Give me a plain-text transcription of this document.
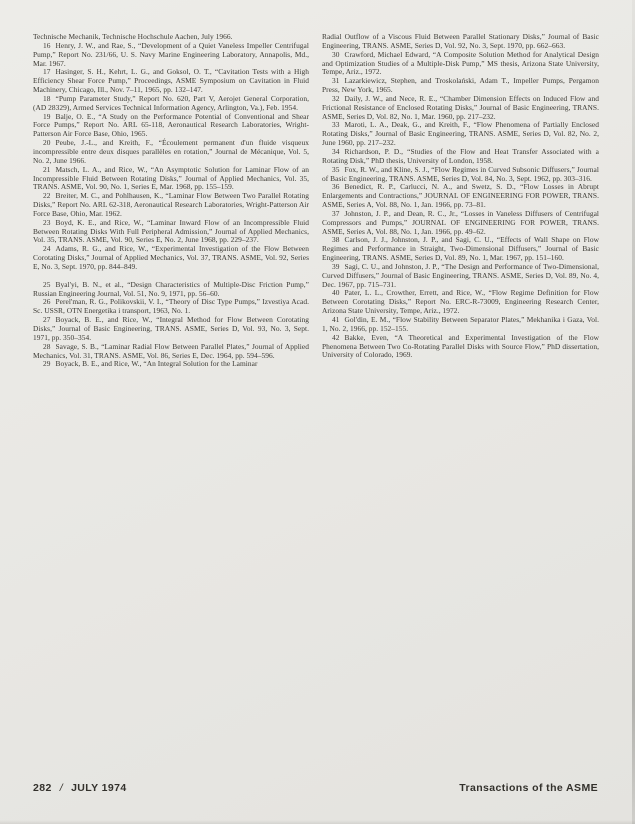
Technische Mechanik, Technische Hochschule Aachen, July 1966.

16 Henry, J. W., and Rae, S., “Development of a Quiet Vaneless Impeller Centrifugal Pump,” Report No. 231/66, U. S. Navy Marine Engineering Laboratory, Annapolis, Md., Mar. 1967.

17 Hasinger, S. H., Kehrt, L. G., and Goksol, O. T., “Cavitation Tests with a High Efficiency Shear Force Pump,” Proceedings, ASME Symposium on Cavitation in Fluid Machinery, Chicago, Ill., Nov. 7–11, 1965, pp. 132–147.

18 “Pump Parameter Study,” Report No. 620, Part V, Aerojet General Corporation, (AD 28329), Armed Services Technical Information Agency, Arlington, Va.), Feb. 1954.

19 Balje, O. E., “A Study on the Performance Potential of Conventional and Shear Force Pumps,” Report No. ARL 65-118, Aeronautical Research Laboratories, Wright-Patterson Air Force Base, Ohio, 1965.

20 Peube, J.-L., and Kreith, F., “Écoulement permanent d'un fluide visqueux incompressible entre deux disques parallèles en rotation,” Journal de Mécanique, Vol. 5, No. 2, June 1966.

21 Matsch, L. A., and Rice, W., “An Asymptotic Solution for Laminar Flow of an Incompressible Fluid Between Rotating Disks,” Journal of Applied Mechanics, Vol. 35, TRANS. ASME, Vol. 90, No. 1, Series E, Mar. 1968, pp. 155–159.

22 Breiter, M. C., and Pohlhausen, K., “Laminar Flow Between Two Parallel Rotating Disks,” Report No. ARL 62-318, Aeronautical Research Laboratories, Wright-Patterson Air Force Base, Ohio, Mar. 1962.

23 Boyd, K. E., and Rice, W., “Laminar Inward Flow of an Incompressible Fluid Between Rotating Disks With Full Peripheral Admission,” Journal of Applied Mechanics, Vol. 35, TRANS. ASME, Vol. 90, Series E, No. 2, June 1968, pp. 229–237.

24 Adams, R. G., and Rice, W., “Experimental Investigation of the Flow Between Corotating Disks,” Journal of Applied Mechanics, Vol. 37, TRANS. ASME, Vol. 92, Series E, No. 3, Sept. 1970, pp. 844–849.

25 Byal'yi, B. N., et al., “Design Characteristics of Multiple-Disc Friction Pump,” Russian Engineering Journal, Vol. 51, No. 9, 1971, pp. 56–60.

26 Perel'man, R. G., Polikovskii, V. I., “Theory of Disc Type Pumps,” Izvestiya Acad. Sc. USSR, OTN Energetika i transport, 1963, No. 1.

27 Boyack, B. E., and Rice, W., “Integral Method for Flow Between Corotating Disks,” Journal of Basic Engineering, TRANS. ASME, Series D, Vol. 93, No. 3, Sept. 1971, pp. 350–354.

28 Savage, S. B., “Laminar Radial Flow Between Parallel Plates,” Journal of Applied Mechanics, Vol. 31, TRANS. ASME, Vol. 86, Series E, Dec. 1964, pp. 594–596.

29 Boyack, B. E., and Rice, W., “An Integral Solution for the Laminar

Radial Outflow of a Viscous Fluid Between Parallel Stationary Disks,” Journal of Basic Engineering, TRANS. ASME, Series D, Vol. 92, No. 3, Sept. 1970, pp. 662–663.

30 Crawford, Michael Edward, “A Composite Solution Method for Analytical Design and Optimization Studies of a Multiple-Disk Pump,” MS thesis, Arizona State University, Tempe, Ariz., 1972.

31 Lazarkiewicz, Stephen, and Troskolański, Adam T., Impeller Pumps, Pergamon Press, New York, 1965.

32 Daily, J. W., and Nece, R. E., “Chamber Dimension Effects on Induced Flow and Frictional Resistance of Enclosed Rotating Disks,” Journal of Basic Engineering, TRANS. ASME, Series D, Vol. 82, No. 1, Mar. 1960, pp. 217–232.

33 Maroti, L. A., Deak, G., and Kreith, F., “Flow Phenomena of Partially Enclosed Rotating Disks,” Journal of Basic Engineering, TRANS. ASME, Series D, Vol. 82, No. 2, June 1960, pp. 217–232.

34 Richardson, P. D., “Studies of the Flow and Heat Transfer Associated with a Rotating Disk,” PhD thesis, University of London, 1958.

35 Fox, R. W., and Kline, S. J., “Flow Regimes in Curved Subsonic Diffusers,” Journal of Basic Engineering, TRANS. ASME, Series D, Vol. 84, No. 3, Sept. 1962, pp. 303–316.

36 Benedict, R. P., Carlucci, N. A., and Swetz, S. D., “Flow Losses in Abrupt Enlargements and Contractions,” JOURNAL OF ENGINEERING FOR POWER, TRANS. ASME, Series A, Vol. 88, No. 1, Jan. 1966, pp. 73–81.

37 Johnston, J. P., and Dean, R. C., Jr., “Losses in Vaneless Diffusers of Centrifugal Compressors and Pumps,” JOURNAL OF ENGINEERING FOR POWER, TRANS. ASME, Series A, Vol. 88, No. 1, Jan. 1966, pp. 49–62.

38 Carlson, J. J., Johnston, J. P., and Sagi, C. U., “Effects of Wall Shape on Flow Regimes and Performance in Straight, Two-Dimensional Diffusers,” Journal of Basic Engineering, TRANS. ASME, Series D, Vol. 89, No. 1, Mar. 1967, pp. 151–160.

39 Sagi, C. U., and Johnston, J. P., “The Design and Performance of Two-Dimensional, Curved Diffusers,” Journal of Basic Engineering, TRANS. ASME, Series D, Vol. 89, No. 4, Dec. 1967, pp. 715–731.

40 Pater, L. L., Crowther, Errett, and Rice, W., “Flow Regime Definition for Flow Between Corotating Disks,” Report No. ERC-R-73009, Engineering Research Center, Arizona State University, Tempe, Ariz., 1972.

41 Gol'din, E. M., “Flow Stability Between Separator Plates,” Mekhanika i Gaza, Vol. 1, No. 2, 1966, pp. 152–155.

42 Bakke, Even, “A Theoretical and Experimental Investigation of the Flow Phenomena Between Two Co-Rotating Parallel Disks with Source Flow,” PhD dissertation, University of Colorado, 1969.

282 / JULY 1974	Transactions of the ASME
